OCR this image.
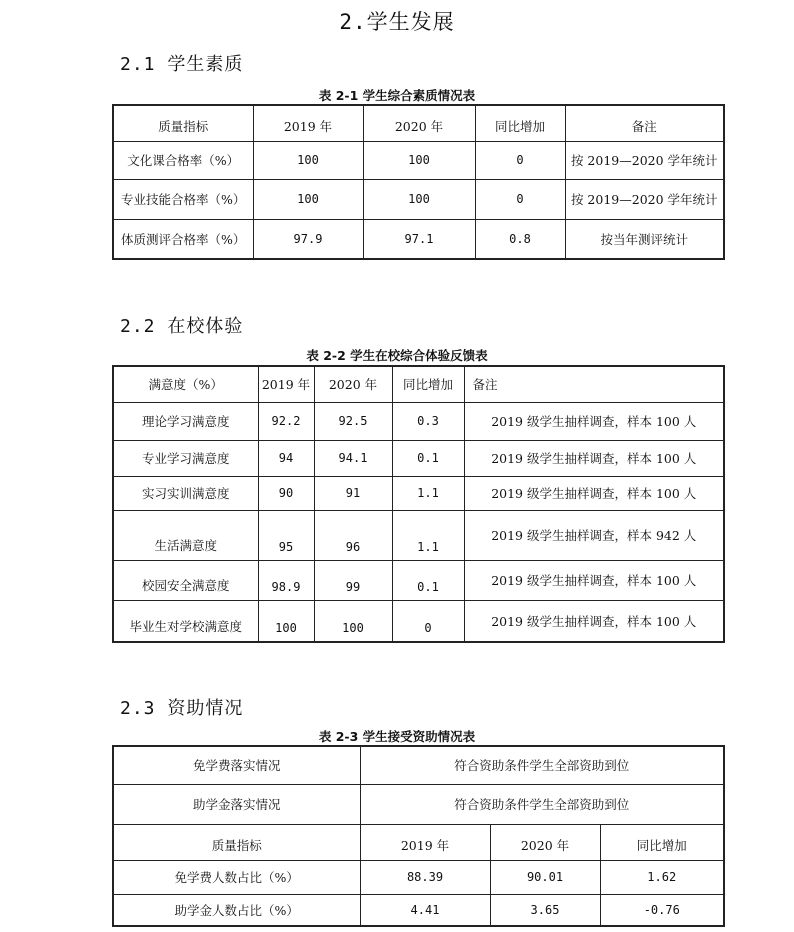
2.学生发展
2.1 学生素质
表 2-1 学生综合素质情况表
质量指标	2019 年	2020 年	同比增加	备注
文化课合格率（%）	100	100	0	按 2019—2020 学年统计
专业技能合格率（%）	100	100	0	按 2019—2020 学年统计
体质测评合格率（%）	97.9	97.1	0.8	按当年测评统计
2.2 在校体验
表 2-2 学生在校综合体验反馈表
满意度（%）	2019 年	2020 年	同比增加	备注
理论学习满意度	92.2	92.5	0.3	2019 级学生抽样调查，样本 100 人
专业学习满意度	94	94.1	0.1	2019 级学生抽样调查，样本 100 人
实习实训满意度	90	91	1.1	2019 级学生抽样调查，样本 100 人
生活满意度	95	96	1.1	2019 级学生抽样调查，样本 942 人
校园安全满意度	98.9	99	0.1	2019 级学生抽样调查，样本 100 人
毕业生对学校满意度	100	100	0	2019 级学生抽样调查，样本 100 人
2.3 资助情况
表 2-3 学生接受资助情况表
免学费落实情况	符合资助条件学生全部资助到位		
助学金落实情况	符合资助条件学生全部资助到位		
质量指标	2019 年	2020 年	同比增加
免学费人数占比（%）	88.39	90.01	1.62
助学金人数占比（%）	4.41	3.65	-0.76
